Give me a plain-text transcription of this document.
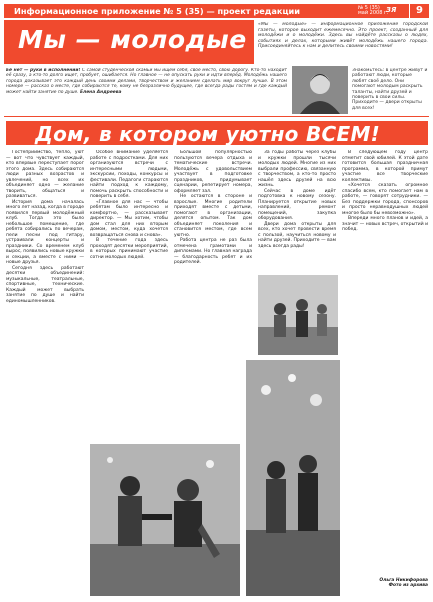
Информационное приложение № 5 (35) — проект редакции	№ 5 (35)
май 2008 г.
ЗЯ	9
Мы — молодые
«Мы — молодые» — информационное приложение городской газеты, которое выходит ежемесячно. Это проект, созданный для молодёжи и о молодёжи. Здесь вы найдёте рассказы о людях, событиях и делах, которыми живёт молодёжь нашего города. Присоединяйтесь к нам и делитесь своими новостями!
Её нет — руки в исполнении! С самой студенческой скамьи мы ищем себя, своё место, свою дорогу. Кто-то находит её сразу, а кто-то долго ищет, пробует, ошибается. Но главное — не опускать руки и идти вперёд. Молодёжь нашего города доказывает это каждый день своими делами, творчеством и желанием сделать мир вокруг лучше. В этом номере — рассказ о месте, где собираются те, кому не безразлично будущее, где всегда рады гостям и где каждый может найти занятие по душе. Елена Андреева
Знакомьтесь: в центре живут и работают люди, которые любят своё дело. Они помогают молодым раскрыть таланты, найти друзей и поверить в свои силы. Приходите — двери открыты для всех!
Дом, в котором уютно ВСЕМ!

Гостеприимство, тепло, уют — вот что чувствует каждый, кто впервые переступает порог этого дома. Здесь собираются люди разных возрастов и увлечений, но всех их объединяет одно — желание творить, общаться и развиваться.

История дома началась много лет назад, когда в городе появился первый молодёжный клуб. Тогда это было небольшое помещение, где ребята собирались по вечерам, пели песни под гитару, устраивали концерты и праздники. Со временем клуб вырос, появились новые кружки и секции, а вместе с ними — новые друзья.

Сегодня здесь работают десятки объединений: музыкальные, театральные, спортивные, технические. Каждый может выбрать занятие по душе и найти единомышленников.

Особое внимание уделяется работе с подростками. Для них организуются встречи с интересными людьми, экскурсии, походы, конкурсы и фестивали. Педагоги стараются найти подход к каждому, помочь раскрыть способности и поверить в себя.

«Главное для нас — чтобы ребятам было интересно и комфортно, — рассказывает директор. — Мы хотим, чтобы дом стал для них вторым домом, местом, куда хочется возвращаться снова и снова».

В течение года здесь проходят десятки мероприятий, в которых принимают участие сотни молодых людей.

Большой популярностью пользуются вечера отдыха и тематические встречи. Молодёжь с удовольствием участвует в подготовке праздников, придумывает сценарии, репетирует номера, оформляет зал.

Не остаются в стороне и взрослые. Многие родители приходят вместе с детьми, помогают в организации, делятся опытом. Так дом объединяет поколения и становится местом, где всем уютно.

Работа центра не раз была отмечена грамотами и дипломами. Но главная награда — благодарность ребят и их родителей.

За годы работы через клубы и кружки прошли тысячи молодых людей. Многие из них выбрали профессию, связанную с творчеством, а кто-то просто нашёл здесь друзей на всю жизнь.

Сейчас в доме идёт подготовка к новому сезону. Планируется открытие новых направлений, ремонт помещений, закупка оборудования.

Двери дома открыты для всех, кто хочет провести время с пользой, научиться новому и найти друзей. Приходите — вам здесь всегда рады!

В следующем году центр отметит свой юбилей. К этой дате готовится большая праздничная программа, в которой примут участие все творческие коллективы.

«Хочется сказать огромное спасибо всем, кто помогает нам в работе, — говорят сотрудники. — Без поддержки города, спонсоров и просто неравнодушных людей многое было бы невозможно».

Впереди много планов и идей, а значит — новых встреч, открытий и побед.

Ольга Никифорова
Фото из архива
